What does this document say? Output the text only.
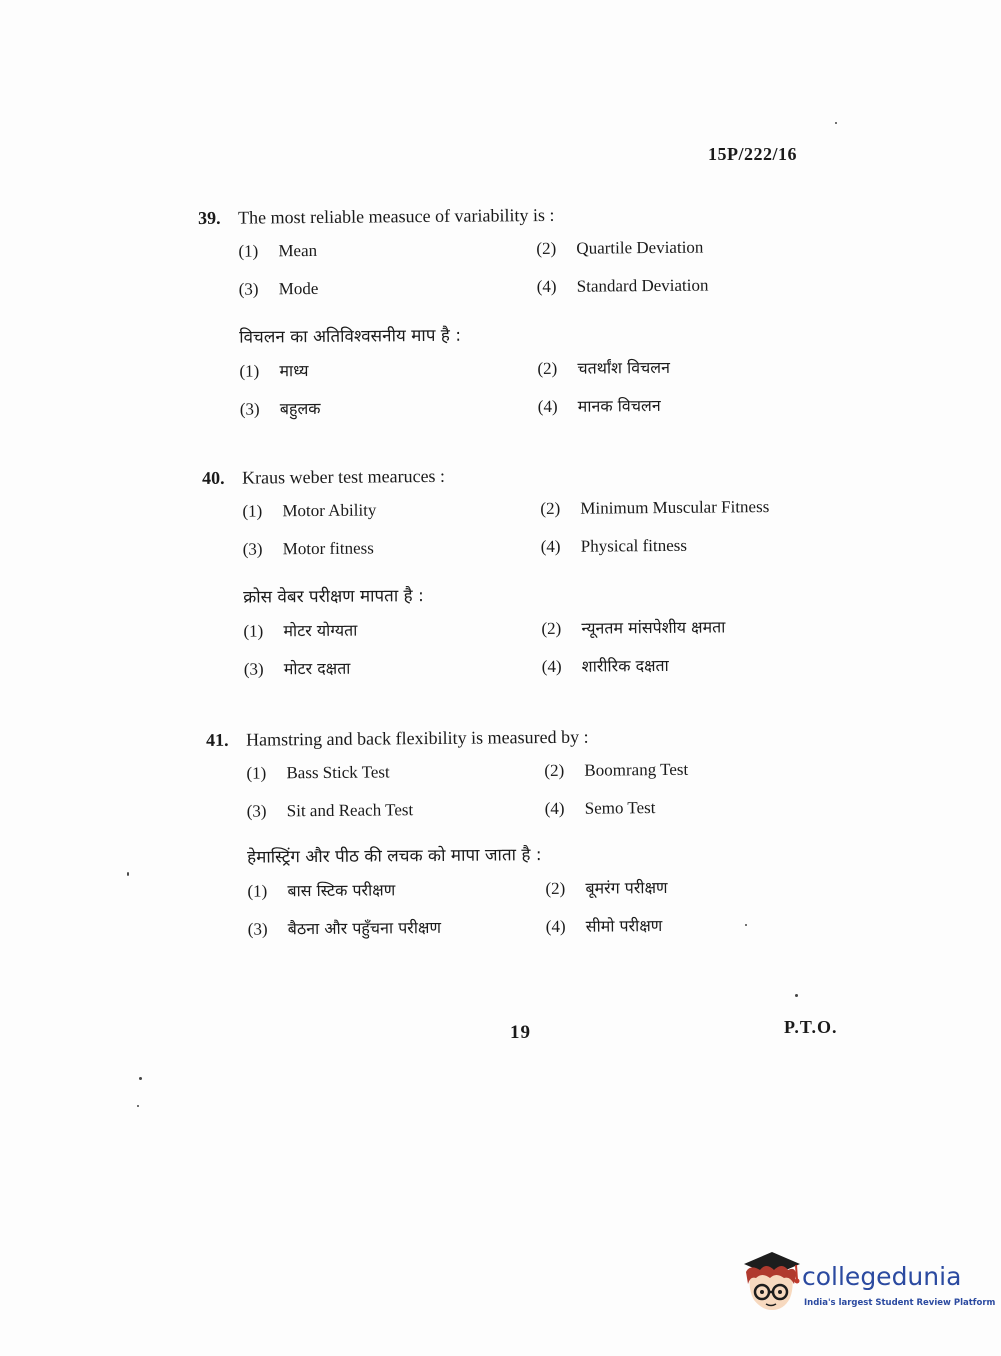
15P/222/16
39. The most reliable measuce of variability is :
(1) Mean	(2) Quartile Deviation
(3) Mode	(4) Standard Deviation
विचलन का अतिविश्वसनीय माप है :
(1) माध्य	(2) चतर्थांश विचलन
(3) बहुलक	(4) मानक विचलन
40. Kraus weber test mearuces :
(1) Motor Ability	(2) Minimum Muscular Fitness
(3) Motor fitness	(4) Physical fitness
क्रोस वेबर परीक्षण मापता है :
(1) मोटर योग्यता	(2) न्यूनतम मांसपेशीय क्षमता
(3) मोटर दक्षता	(4) शारीरिक दक्षता
41. Hamstring and back flexibility is measured by :
(1) Bass Stick Test	(2) Boomrang Test
(3) Sit and Reach Test	(4) Semo Test
हेमास्ट्रिंग और पीठ की लचक को मापा जाता है :
(1) बास स्टिक परीक्षण	(2) बूमरंग परीक्षण
(3) बैठना और पहुँचना परीक्षण	(4) सीमो परीक्षण
19	P.T.O.
collegedunia
India's largest Student Review Platform
